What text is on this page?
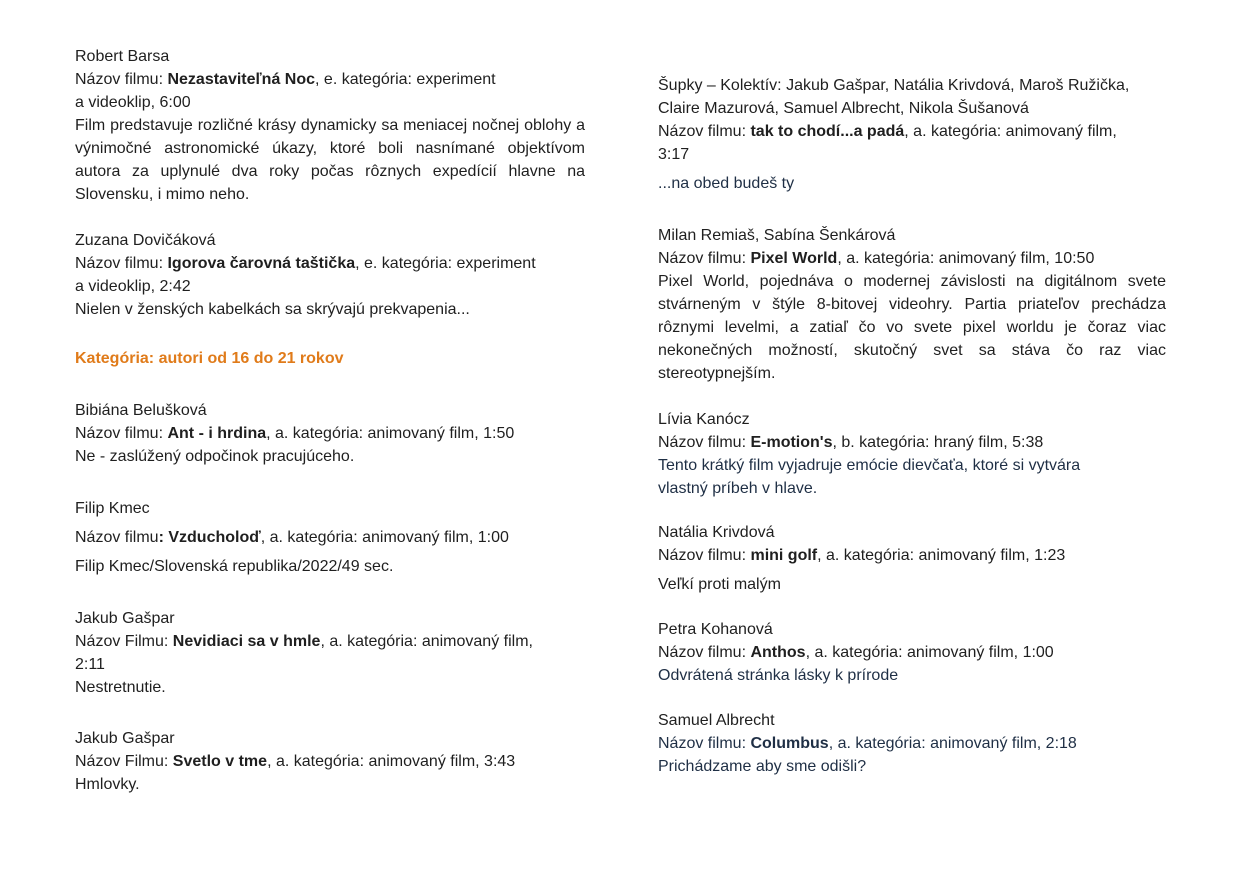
Robert Barsa

Názov filmu: Nezastaviteľná Noc, e. kategória: experiment

a videoklip, 6:00

Film predstavuje rozličné krásy dynamicky sa meniacej nočnej oblohy a výnimočné astronomické úkazy, ktoré boli nasnímané objektívom autora za uplynulé dva roky počas rôznych expedícií hlavne na Slovensku, i mimo neho.

Zuzana Dovičáková

Názov filmu: Igorova čarovná taštička, e. kategória: experiment

a videoklip, 2:42

Nielen v ženských kabelkách sa skrývajú prekvapenia...

Kategória: autori od 16 do 21 rokov

Bibiána Belušková

Názov filmu: Ant - i hrdina, a. kategória: animovaný film, 1:50

Ne - zaslúžený odpočinok pracujúceho.

Filip Kmec

Názov filmu: Vzducholoď, a. kategória: animovaný film, 1:00

Filip Kmec/Slovenská republika/2022/49 sec.

Jakub Gašpar

Názov Filmu: Nevidiaci sa v hmle, a. kategória: animovaný film,

2:11

Nestretnutie.

Jakub Gašpar

Názov Filmu: Svetlo v tme, a. kategória: animovaný film, 3:43

Hmlovky.

Šupky – Kolektív: Jakub Gašpar, Natália Krivdová, Maroš Ružička,

Claire Mazurová, Samuel Albrecht, Nikola Šušanová

Názov filmu: tak to chodí...a padá, a. kategória: animovaný film,

3:17

...na obed budeš ty

Milan Remiaš, Sabína Šenkárová

Názov filmu: Pixel World, a. kategória: animovaný film, 10:50

Pixel World, pojednáva o modernej závislosti na digitálnom svete stvárneným v štýle 8-bitovej videohry. Partia priateľov prechádza rôznymi levelmi, a zatiaľ čo vo svete pixel worldu je čoraz viac nekonečných možností, skutočný svet sa stáva čo raz viac stereotypnejším.

Lívia Kanócz

Názov filmu: E-motion's, b. kategória: hraný film, 5:38

Tento krátký film vyjadruje emócie dievčaťa, ktoré si vytvára

vlastný príbeh v hlave.

Natália Krivdová

Názov filmu: mini golf, a. kategória: animovaný film, 1:23

Veľkí proti malým

Petra Kohanová

Názov filmu: Anthos, a. kategória: animovaný film, 1:00

Odvrátená stránka lásky k prírode

Samuel Albrecht

Názov filmu: Columbus, a. kategória: animovaný film, 2:18

Prichádzame aby sme odišli?
